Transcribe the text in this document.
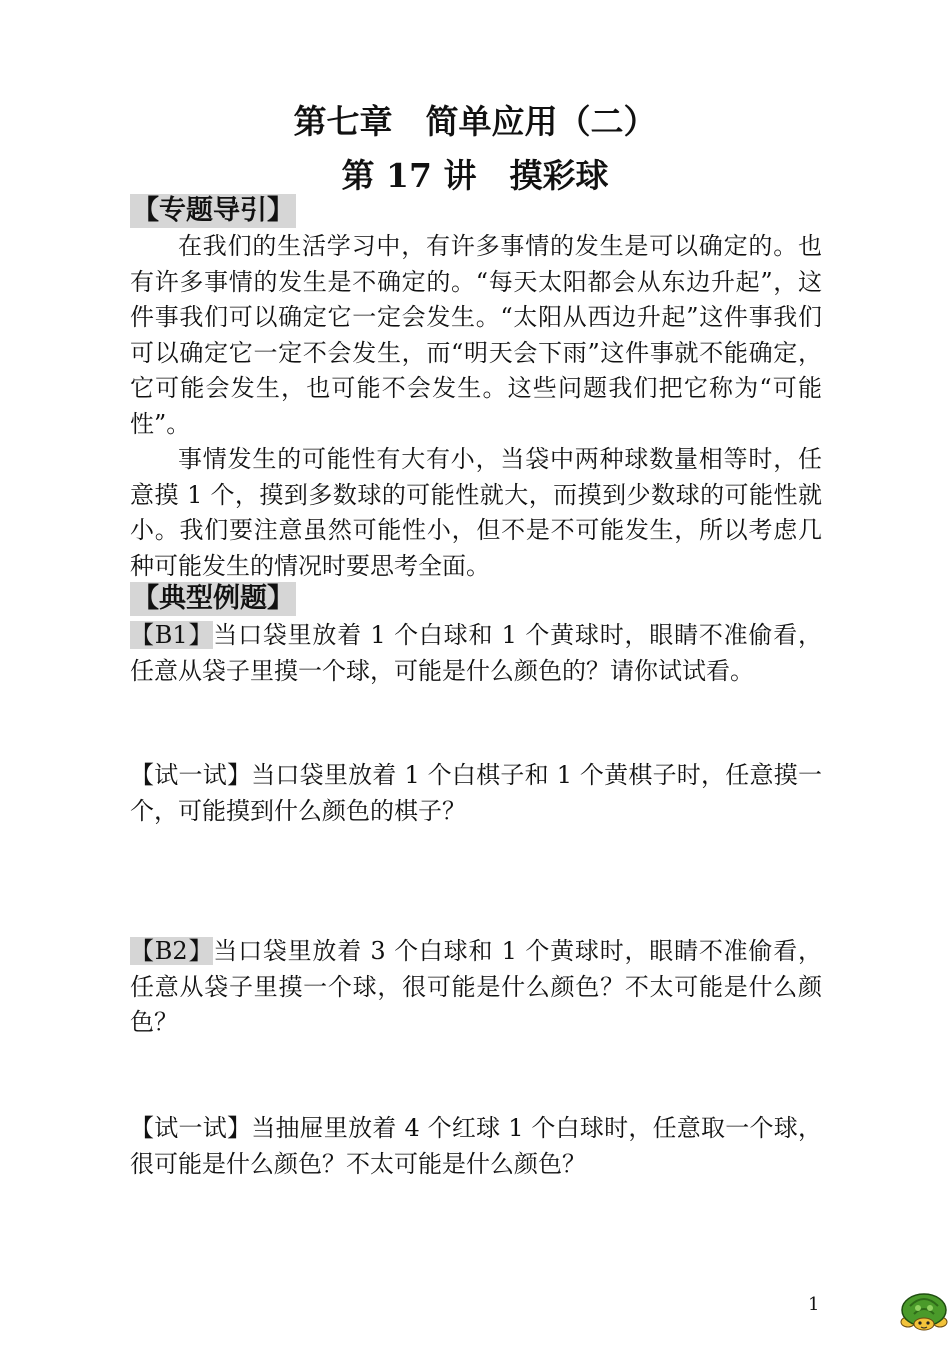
第七章　简单应用（二）
第 17 讲　摸彩球
【专题导引】

在我们的生活学习中，有许多事情的发生是可以确定的。也有许多事情的发生是不确定的。“每天太阳都会从东边升起”，这件事我们可以确定它一定会发生。“太阳从西边升起”这件事我们可以确定它一定不会发生，而“明天会下雨”这件事就不能确定，它可能会发生，也可能不会发生。这些问题我们把它称为“可能性”。

事情发生的可能性有大有小，当袋中两种球数量相等时，任意摸 1 个，摸到多数球的可能性就大，而摸到少数球的可能性就小。我们要注意虽然可能性小，但不是不可能发生，所以考虑几种可能发生的情况时要思考全面。

【典型例题】

【B1】当口袋里放着 1 个白球和 1 个黄球时，眼睛不准偷看，任意从袋子里摸一个球，可能是什么颜色的？请你试试看。

【试一试】当口袋里放着 1 个白棋子和 1 个黄棋子时，任意摸一个，可能摸到什么颜色的棋子？

【B2】当口袋里放着 3 个白球和 1 个黄球时，眼睛不准偷看，任意从袋子里摸一个球，很可能是什么颜色？不太可能是什么颜色？

【试一试】当抽屉里放着 4 个红球 1 个白球时，任意取一个球，很可能是什么颜色？不太可能是什么颜色？

1
